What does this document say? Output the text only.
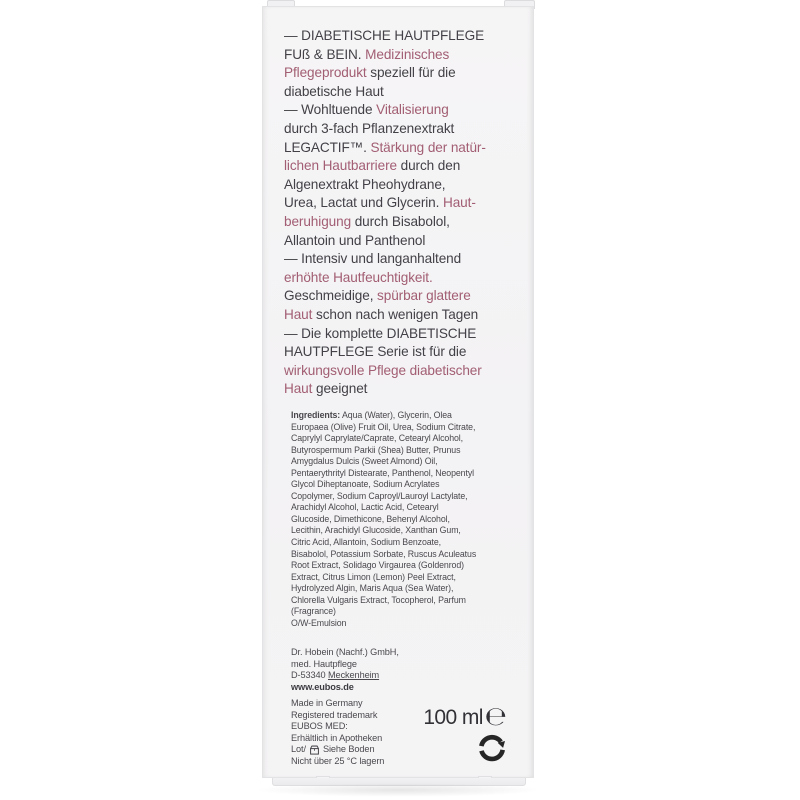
— DIABETISCHE HAUTPFLEGE
FUß & BEIN. Medizinisches
Pflegeprodukt speziell für die
diabetische Haut
— Wohltuende Vitalisierung
durch 3-fach Pflanzenextrakt
LEGACTIF™. Stärkung der natür-
lichen Hautbarriere durch den
Algenextrakt Pheohydrane,
Urea, Lactat und Glycerin. Haut-
beruhigung durch Bisabolol,
Allantoin und Panthenol
— Intensiv und langanhaltend
erhöhte Hautfeuchtigkeit.
Geschmeidige, spürbar glattere
Haut schon nach wenigen Tagen
— Die komplette DIABETISCHE
HAUTPFLEGE Serie ist für die
wirkungsvolle Pflege diabetischer
Haut geeignet
Ingredients: Aqua (Water), Glycerin, Olea
Europaea (Olive) Fruit Oil, Urea, Sodium Citrate,
Caprylyl Caprylate/Caprate, Cetearyl Alcohol,
Butyrospermum Parkii (Shea) Butter, Prunus
Amygdalus Dulcis (Sweet Almond) Oil,
Pentaerythrityl Distearate, Panthenol, Neopentyl
Glycol Diheptanoate, Sodium Acrylates
Copolymer, Sodium Caproyl/Lauroyl Lactylate,
Arachidyl Alcohol, Lactic Acid, Cetearyl
Glucoside, Dimethicone, Behenyl Alcohol,
Lecithin, Arachidyl Glucoside, Xanthan Gum,
Citric Acid, Allantoin, Sodium Benzoate,
Bisabolol, Potassium Sorbate, Ruscus Aculeatus
Root Extract, Solidago Virgaurea (Goldenrod)
Extract, Citrus Limon (Lemon) Peel Extract,
Hydrolyzed Algin, Maris Aqua (Sea Water),
Chlorella Vulgaris Extract, Tocopherol, Parfum
(Fragrance)
O/W-Emulsion
Dr. Hobein (Nachf.) GmbH,
med. Hautpflege
D-53340 Meckenheim
www.eubos.de
Made in Germany
Registered trademark
EUBOS MED:
Erhältlich in Apotheken
Lot/ Siehe Boden
Nicht über 25 °C lagern
100 ml ℮
